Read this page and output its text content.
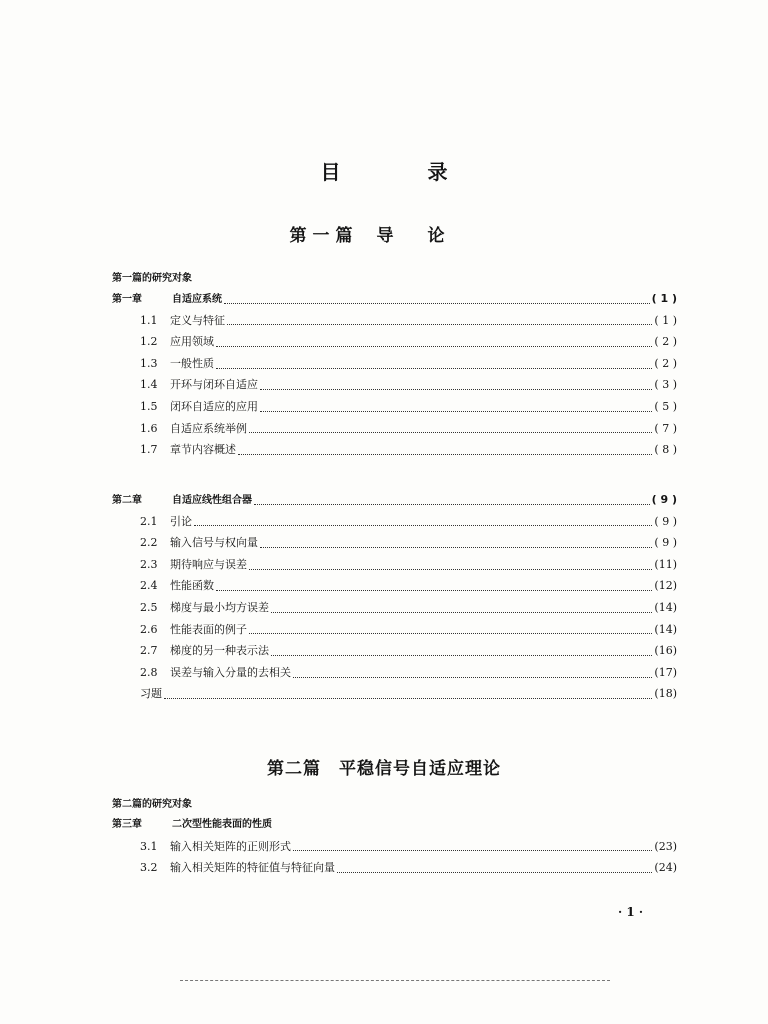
目 录
第一篇 导论
第一篇的研究对象
第一章	自适应系统	( 1 )
1.1	定义与特征	( 1 )
1.2	应用领域	( 2 )
1.3	一般性质	( 2 )
1.4	开环与闭环自适应	( 3 )
1.5	闭环自适应的应用	( 5 )
1.6	自适应系统举例	( 7 )
1.7	章节内容概述	( 8 )
第二章	自适应线性组合器	( 9 )
2.1	引论	( 9 )
2.2	输入信号与权向量	( 9 )
2.3	期待响应与误差	(11)
2.4	性能函数	(12)
2.5	梯度与最小均方误差	(14)
2.6	性能表面的例子	(14)
2.7	梯度的另一种表示法	(16)
2.8	误差与输入分量的去相关	(17)
习题	(18)
第二篇 平稳信号自适应理论
第二篇的研究对象
第三章	二次型性能表面的性质
3.1	输入相关矩阵的正则形式	(23)
3.2	输入相关矩阵的特征值与特征向量	(24)
· 1 ·
